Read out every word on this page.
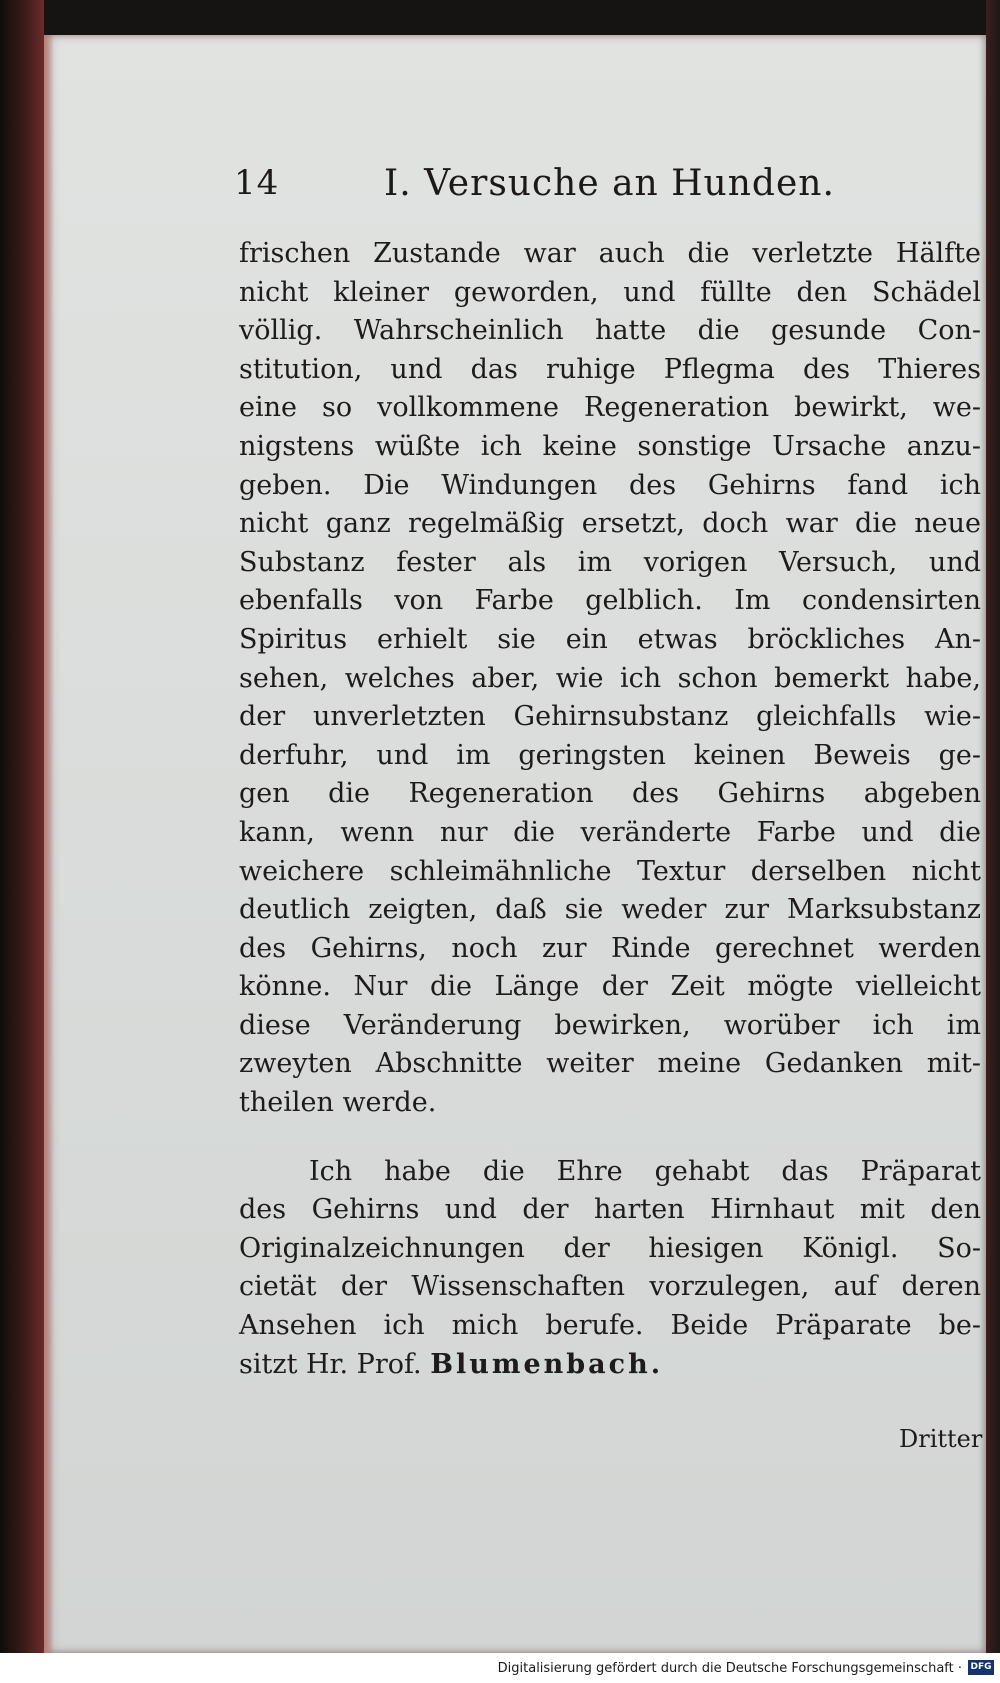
14	I. Versuche an Hunden.
frischen Zustande war auch die verletzte Hälfte
nicht kleiner geworden, und füllte den Schädel
völlig. Wahrscheinlich hatte die gesunde Con-
stitution, und das ruhige Pflegma des Thieres
eine so vollkommene Regeneration bewirkt, we-
nigstens wüßte ich keine sonstige Ursache anzu-
geben. Die Windungen des Gehirns fand ich
nicht ganz regelmäßig ersetzt, doch war die neue
Substanz fester als im vorigen Versuch, und
ebenfalls von Farbe gelblich. Im condensirten
Spiritus erhielt sie ein etwas bröckliches An-
sehen, welches aber, wie ich schon bemerkt habe,
der unverletzten Gehirnsubstanz gleichfalls wie-
derfuhr, und im geringsten keinen Beweis ge-
gen die Regeneration des Gehirns abgeben
kann, wenn nur die veränderte Farbe und die
weichere schleimähnliche Textur derselben nicht
deutlich zeigten, daß sie weder zur Marksubstanz
des Gehirns, noch zur Rinde gerechnet werden
könne. Nur die Länge der Zeit mögte vielleicht
diese Veränderung bewirken, worüber ich im
zweyten Abschnitte weiter meine Gedanken mit-
theilen werde.
Ich habe die Ehre gehabt das Präparat
des Gehirns und der harten Hirnhaut mit den
Originalzeichnungen der hiesigen Königl. So-
cietät der Wissenschaften vorzulegen, auf deren
Ansehen ich mich berufe. Beide Präparate be-
sitzt Hr. Prof. Blumenbach.
Dritter
Digitalisierung gefördert durch die Deutsche Forschungsgemeinschaft · DFG
